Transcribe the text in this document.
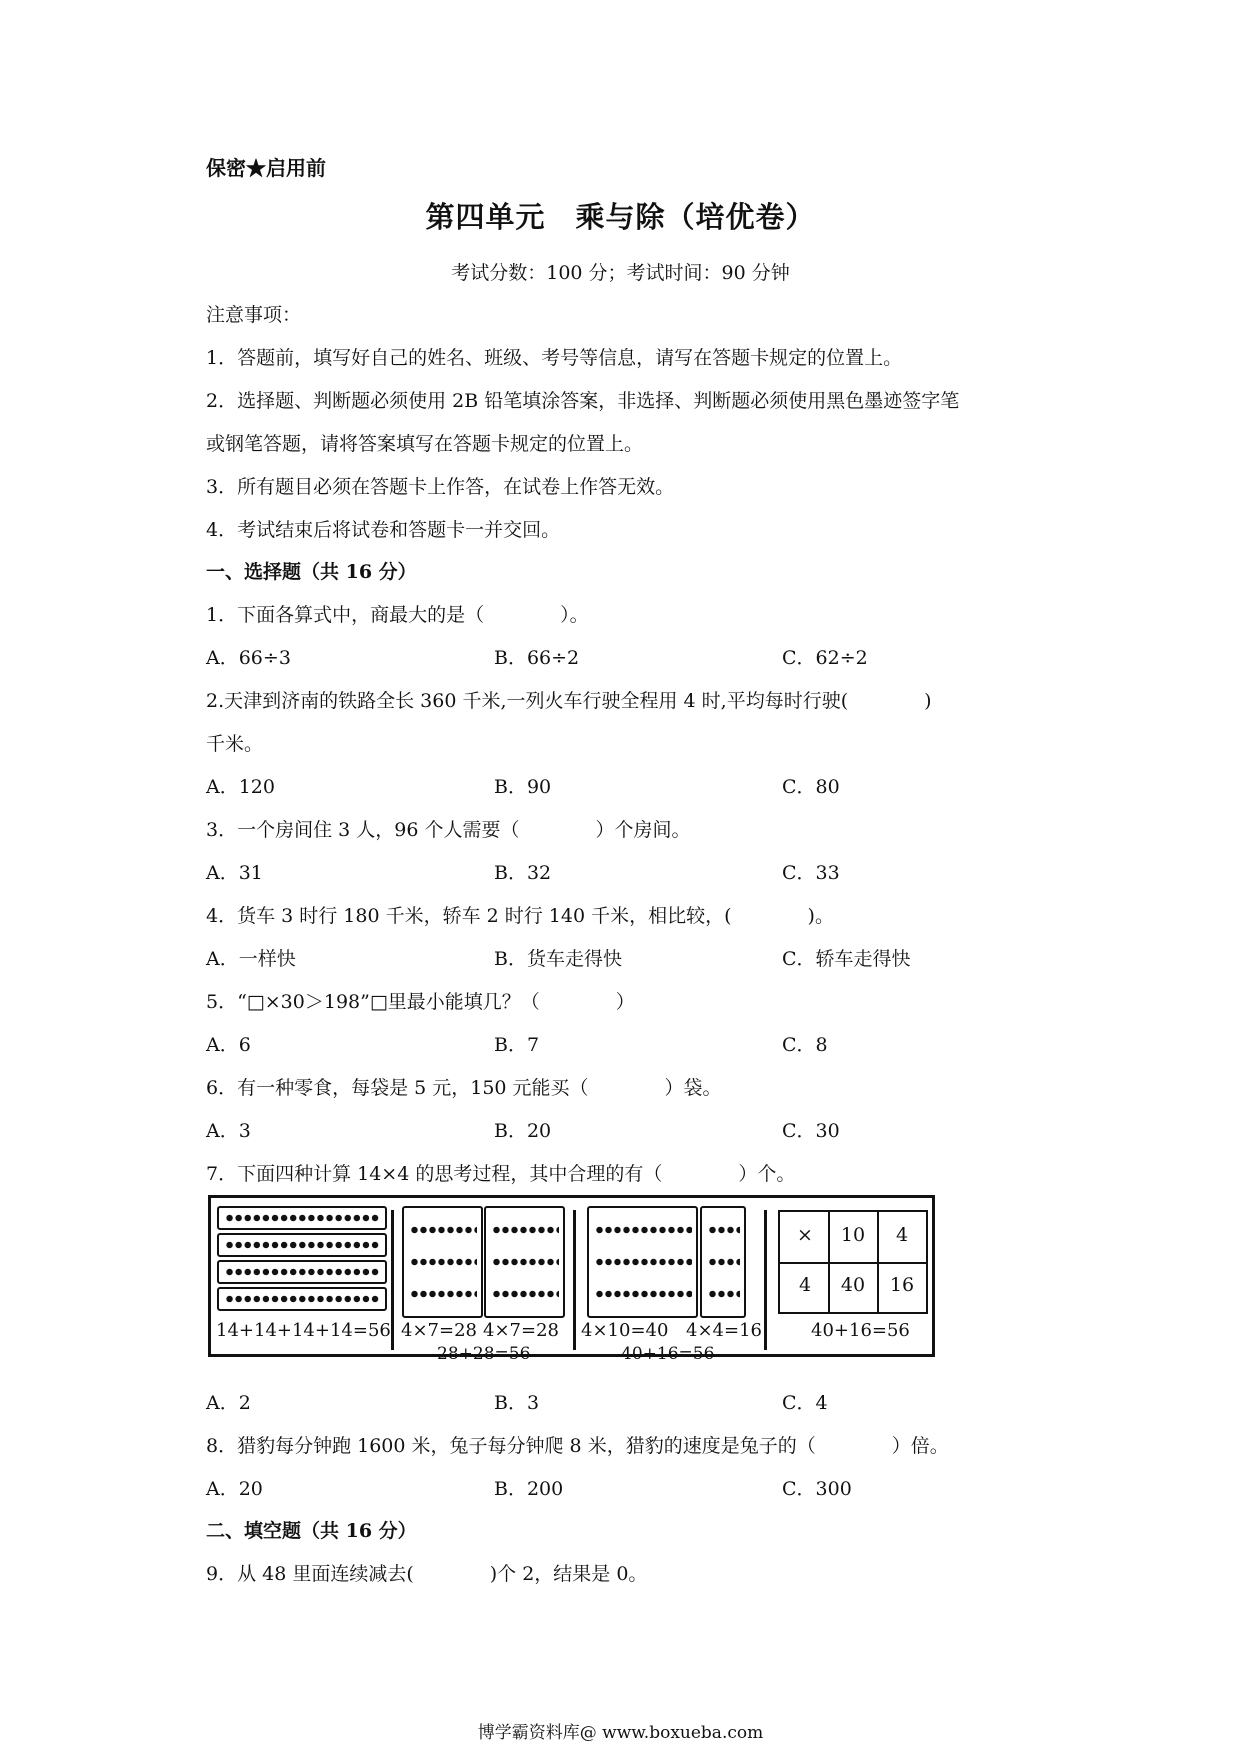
保密★启用前
第四单元　乘与除（培优卷）
考试分数：100 分；考试时间：90 分钟
注意事项：
1．答题前，填写好自己的姓名、班级、考号等信息，请写在答题卡规定的位置上。
2．选择题、判断题必须使用 2B 铅笔填涂答案，非选择、判断题必须使用黑色墨迹签字笔
或钢笔答题，请将答案填写在答题卡规定的位置上。
3．所有题目必须在答题卡上作答，在试卷上作答无效。
4．考试结束后将试卷和答题卡一并交回。
一、选择题（共 16 分）
1．下面各算式中，商最大的是（　　　　）。
A．66÷3	B．66÷2	C．62÷2
2.天津到济南的铁路全长 360 千米,一列火车行驶全程用 4 时,平均每时行驶(　　　　)
千米。
A．120	B．90	C．80
3．一个房间住 3 人，96 个人需要（　　　　）个房间。
A．31	B．32	C．33
4．货车 3 时行 180 千米，轿车 2 时行 140 千米，相比较，(　　　　)。
A．一样快	B．货车走得快	C．轿车走得快
5．“□×30＞198”□里最小能填几？（　　　　）
A．6	B．7	C．8
6．有一种零食，每袋是 5 元，150 元能买（　　　　）袋。
A．3	B．20	C．30
7．下面四种计算 14×4 的思考过程，其中合理的有（　　　　）个。
14+14+14+14=56 4×7=28 4×7=28
28+28=56
4×10=40 4×4=16
40+16=56
×	10	4
4	40	16
40+16=56
A．2	B．3	C．4
8．猎豹每分钟跑 1600 米，兔子每分钟爬 8 米，猎豹的速度是兔子的（　　　　）倍。
A．20	B．200	C．300
二、填空题（共 16 分）
9．从 48 里面连续减去(　　　　)个 2，结果是 0。
博学霸资料库@ www.boxueba.com
